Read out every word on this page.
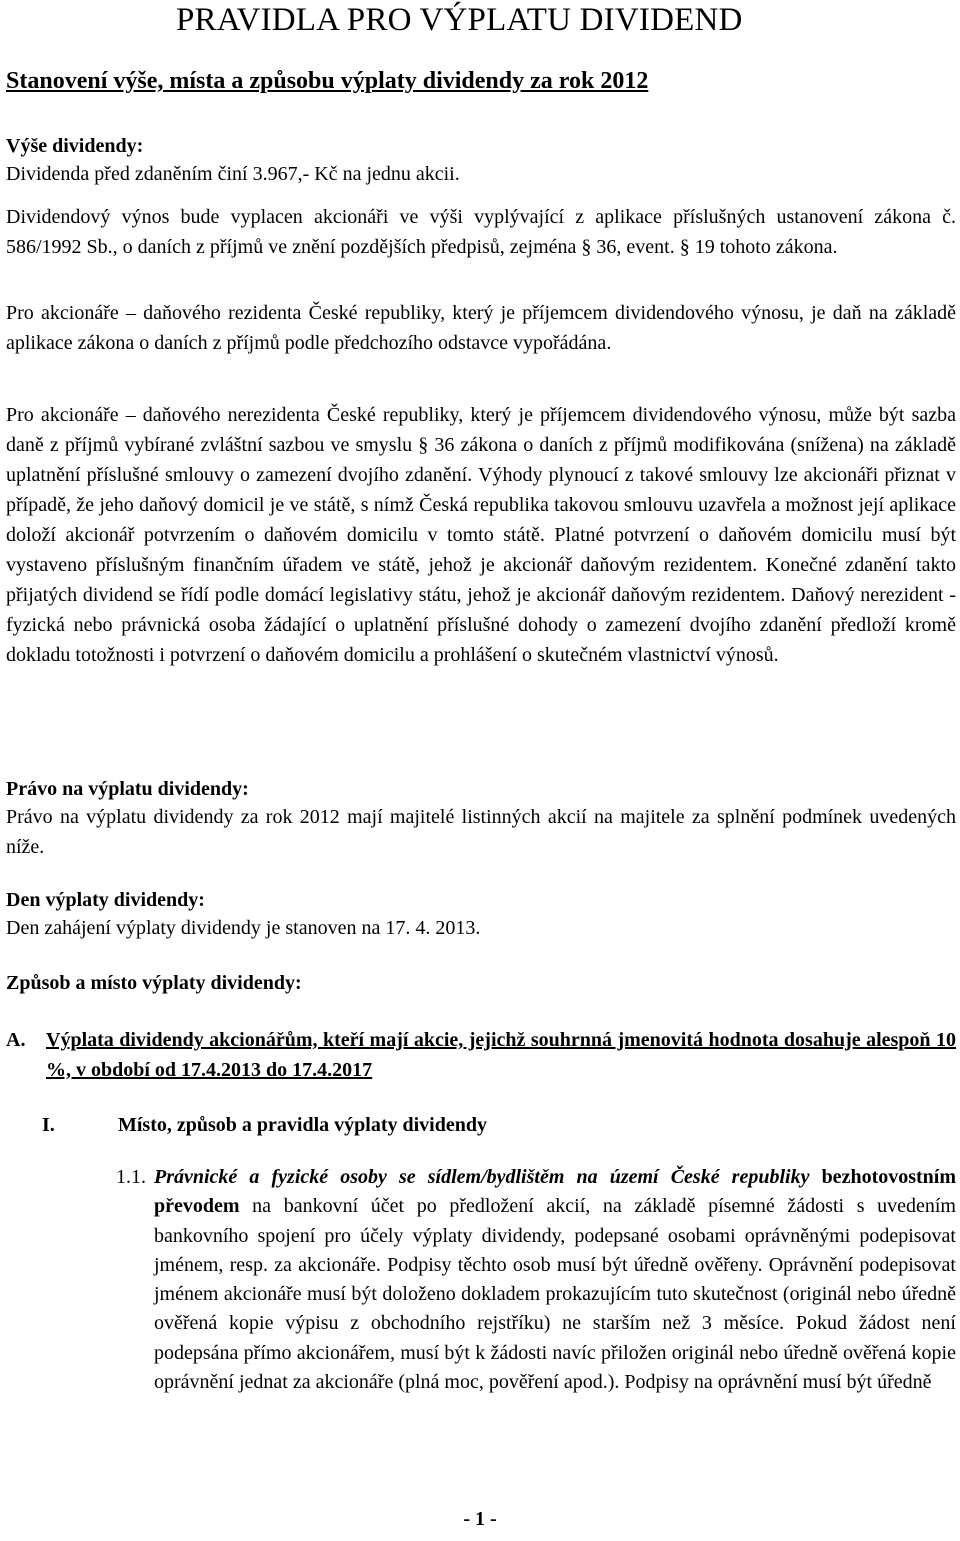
PRAVIDLA PRO VÝPLATU DIVIDEND
Stanovení výše, místa a způsobu výplaty dividendy za rok 2012
Výše dividendy:
Dividenda před zdaněním činí 3.967,- Kč na jednu akcii.
Dividendový výnos bude vyplacen akcionáři ve výši vyplývající z aplikace příslušných ustanovení zákona č. 586/1992 Sb., o daních z příjmů ve znění pozdějších předpisů, zejména § 36, event. § 19 tohoto zákona.
Pro akcionáře – daňového rezidenta České republiky, který je příjemcem dividendového výnosu, je daň na základě aplikace zákona o daních z příjmů podle předchozího odstavce vypořádána.
Pro akcionáře – daňového nerezidenta České republiky, který je příjemcem dividendového výnosu, může být sazba daně z příjmů vybírané zvláštní sazbou ve smyslu § 36 zákona o daních z příjmů modifikována (snížena) na základě uplatnění příslušné smlouvy o zamezení dvojího zdanění. Výhody plynoucí z takové smlouvy lze akcionáři přiznat v případě, že jeho daňový domicil je ve státě, s nímž Česká republika takovou smlouvu uzavřela a možnost její aplikace doloží akcionář potvrzením o daňovém domicilu v tomto státě. Platné potvrzení o daňovém domicilu musí být vystaveno příslušným finančním úřadem ve státě, jehož je akcionář daňovým rezidentem. Konečné zdanění takto přijatých dividend se řídí podle domácí legislativy státu, jehož je akcionář daňovým rezidentem. Daňový nerezident - fyzická nebo právnická osoba žádající o uplatnění příslušné dohody o zamezení dvojího zdanění předloží kromě dokladu totožnosti i potvrzení o daňovém domicilu a prohlášení o skutečném vlastnictví výnosů.
Právo na výplatu dividendy:
Právo na výplatu dividendy za rok 2012 mají majitelé listinných akcií na majitele za splnění podmínek uvedených níže.
Den výplaty dividendy:
Den zahájení výplaty dividendy je stanoven na 17. 4. 2013.
Způsob a místo výplaty dividendy:
A. Výplata dividendy akcionářům, kteří mají akcie, jejichž souhrnná jmenovitá hodnota dosahuje alespoň 10 %, v období od 17.4.2013 do 17.4.2017
I.	Místo, způsob a pravidla výplaty dividendy
1.1. Právnické a fyzické osoby se sídlem/bydlištěm na území České republiky bezhotovostním převodem na bankovní účet po předložení akcií, na základě písemné žádosti s uvedením bankovního spojení pro účely výplaty dividendy, podepsané osobami oprávněnými podepisovat jménem, resp. za akcionáře. Podpisy těchto osob musí být úředně ověřeny. Oprávnění podepisovat jménem akcionáře musí být doloženo dokladem prokazujícím tuto skutečnost (originál nebo úředně ověřená kopie výpisu z obchodního rejstříku) ne starším než 3 měsíce. Pokud žádost není podepsána přímo akcionářem, musí být k žádosti navíc přiložen originál nebo úředně ověřená kopie oprávnění jednat za akcionáře (plná moc, pověření apod.). Podpisy na oprávnění musí být úředně
- 1 -
